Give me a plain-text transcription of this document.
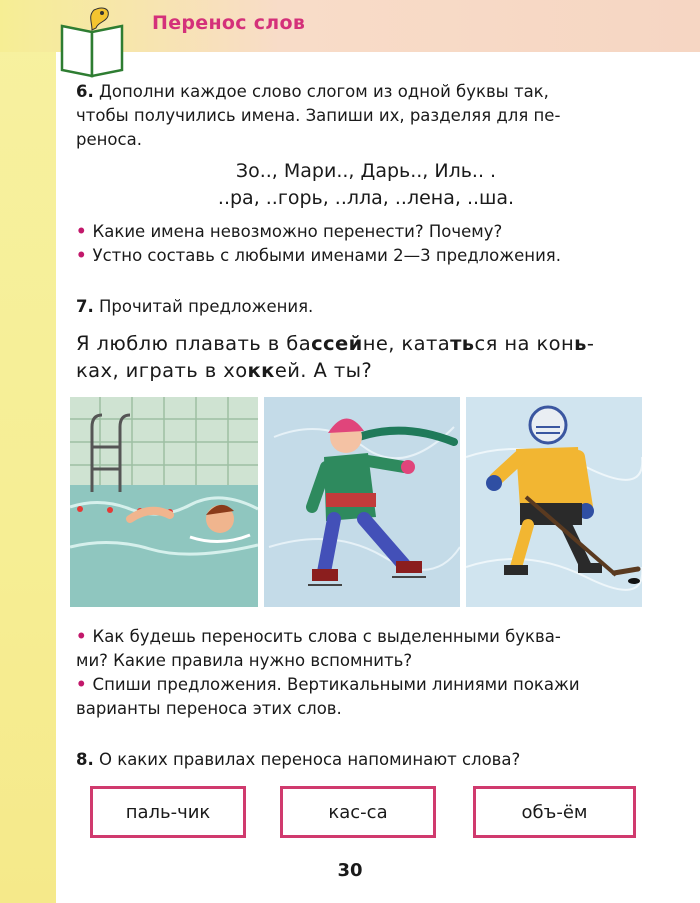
Перенос слов
6. Дополни каждое слово слогом из одной буквы так,
чтобы получились имена. Запиши их, разделяя для пе-
реноса.
Зо.., Мари.., Дарь.., Иль.. .
..ра, ..горь, ..лла, ..лена, ..ша.
• Какие имена невозможно перенести? Почему?
• Устно составь с любыми именами 2—3 предложения.
7. Прочитай предложения.
Я люблю плавать в бассейне, кататься на конь-
ках, играть в хоккей. А ты?
• Как будешь переносить слова с выделенными буква-
ми? Какие правила нужно вспомнить?
• Спиши предложения. Вертикальными линиями покажи
варианты переноса этих слов.
8. О каких правилах переноса напоминают слова?
паль-чик	кас-са	объ-ём
30
